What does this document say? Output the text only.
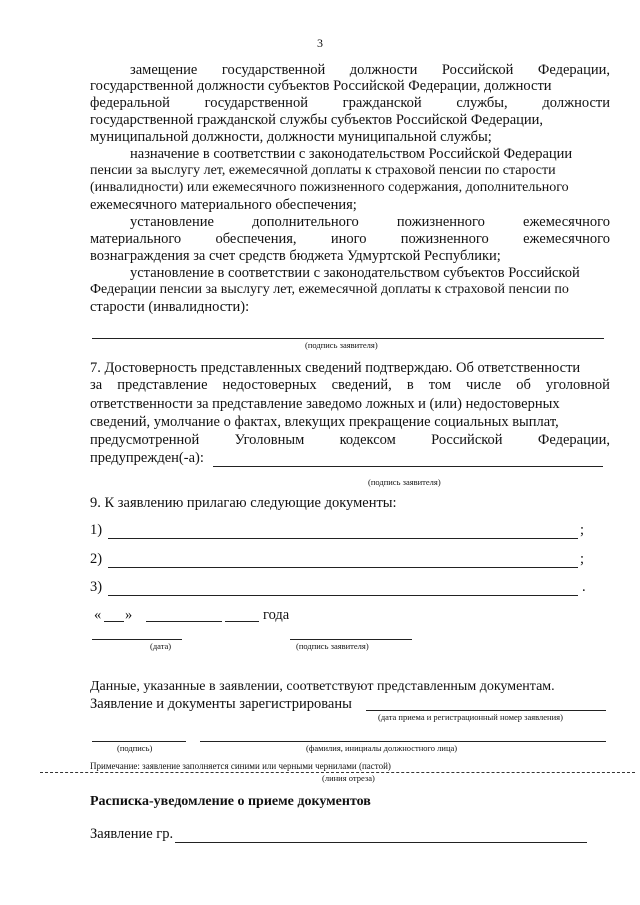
3
замещение государственной должности Российской Федерации,
государственной должности субъектов Российской Федерации, должности
федеральной государственной гражданской службы, должности
государственной гражданской службы субъектов Российской Федерации,
муниципальной должности, должности муниципальной службы;
назначение в соответствии с законодательством Российской Федерации
пенсии за выслугу лет, ежемесячной доплаты к страховой пенсии по старости
(инвалидности) или ежемесячного пожизненного содержания, дополнительного
ежемесячного материального обеспечения;
установление	дополнительного	пожизненного	ежемесячного
материального обеспечения, иного пожизненного ежемесячного
вознаграждения за счет средств бюджета Удмуртской Республики;
установление в соответствии с законодательством субъектов Российской
Федерации пенсии за выслугу лет, ежемесячной доплаты к страховой пенсии по
старости (инвалидности):
(подпись заявителя)
7. Достоверность представленных сведений подтверждаю. Об ответственности
за представление недостоверных сведений, в том числе об уголовной
ответственности за представление заведомо ложных и (или) недостоверных
сведений, умолчание о фактах, влекущих прекращение социальных выплат,
предусмотренной Уголовным кодексом Российской Федерации,
предупрежден(-а):
(подпись заявителя)
9. К заявлению прилагаю следующие документы:
1)	;
2)	;
3)	.
« »	года
(дата)	(подпись заявителя)
Данные, указанные в заявлении, соответствуют представленным документам.
Заявление и документы зарегистрированы
(дата приема и регистрационный номер заявления)
(подпись)	(фамилия, инициалы должностного лица)
Примечание: заявление заполняется синими или черными чернилами (пастой)
(линия отреза)
Расписка-уведомление о приеме документов
Заявление гр.
